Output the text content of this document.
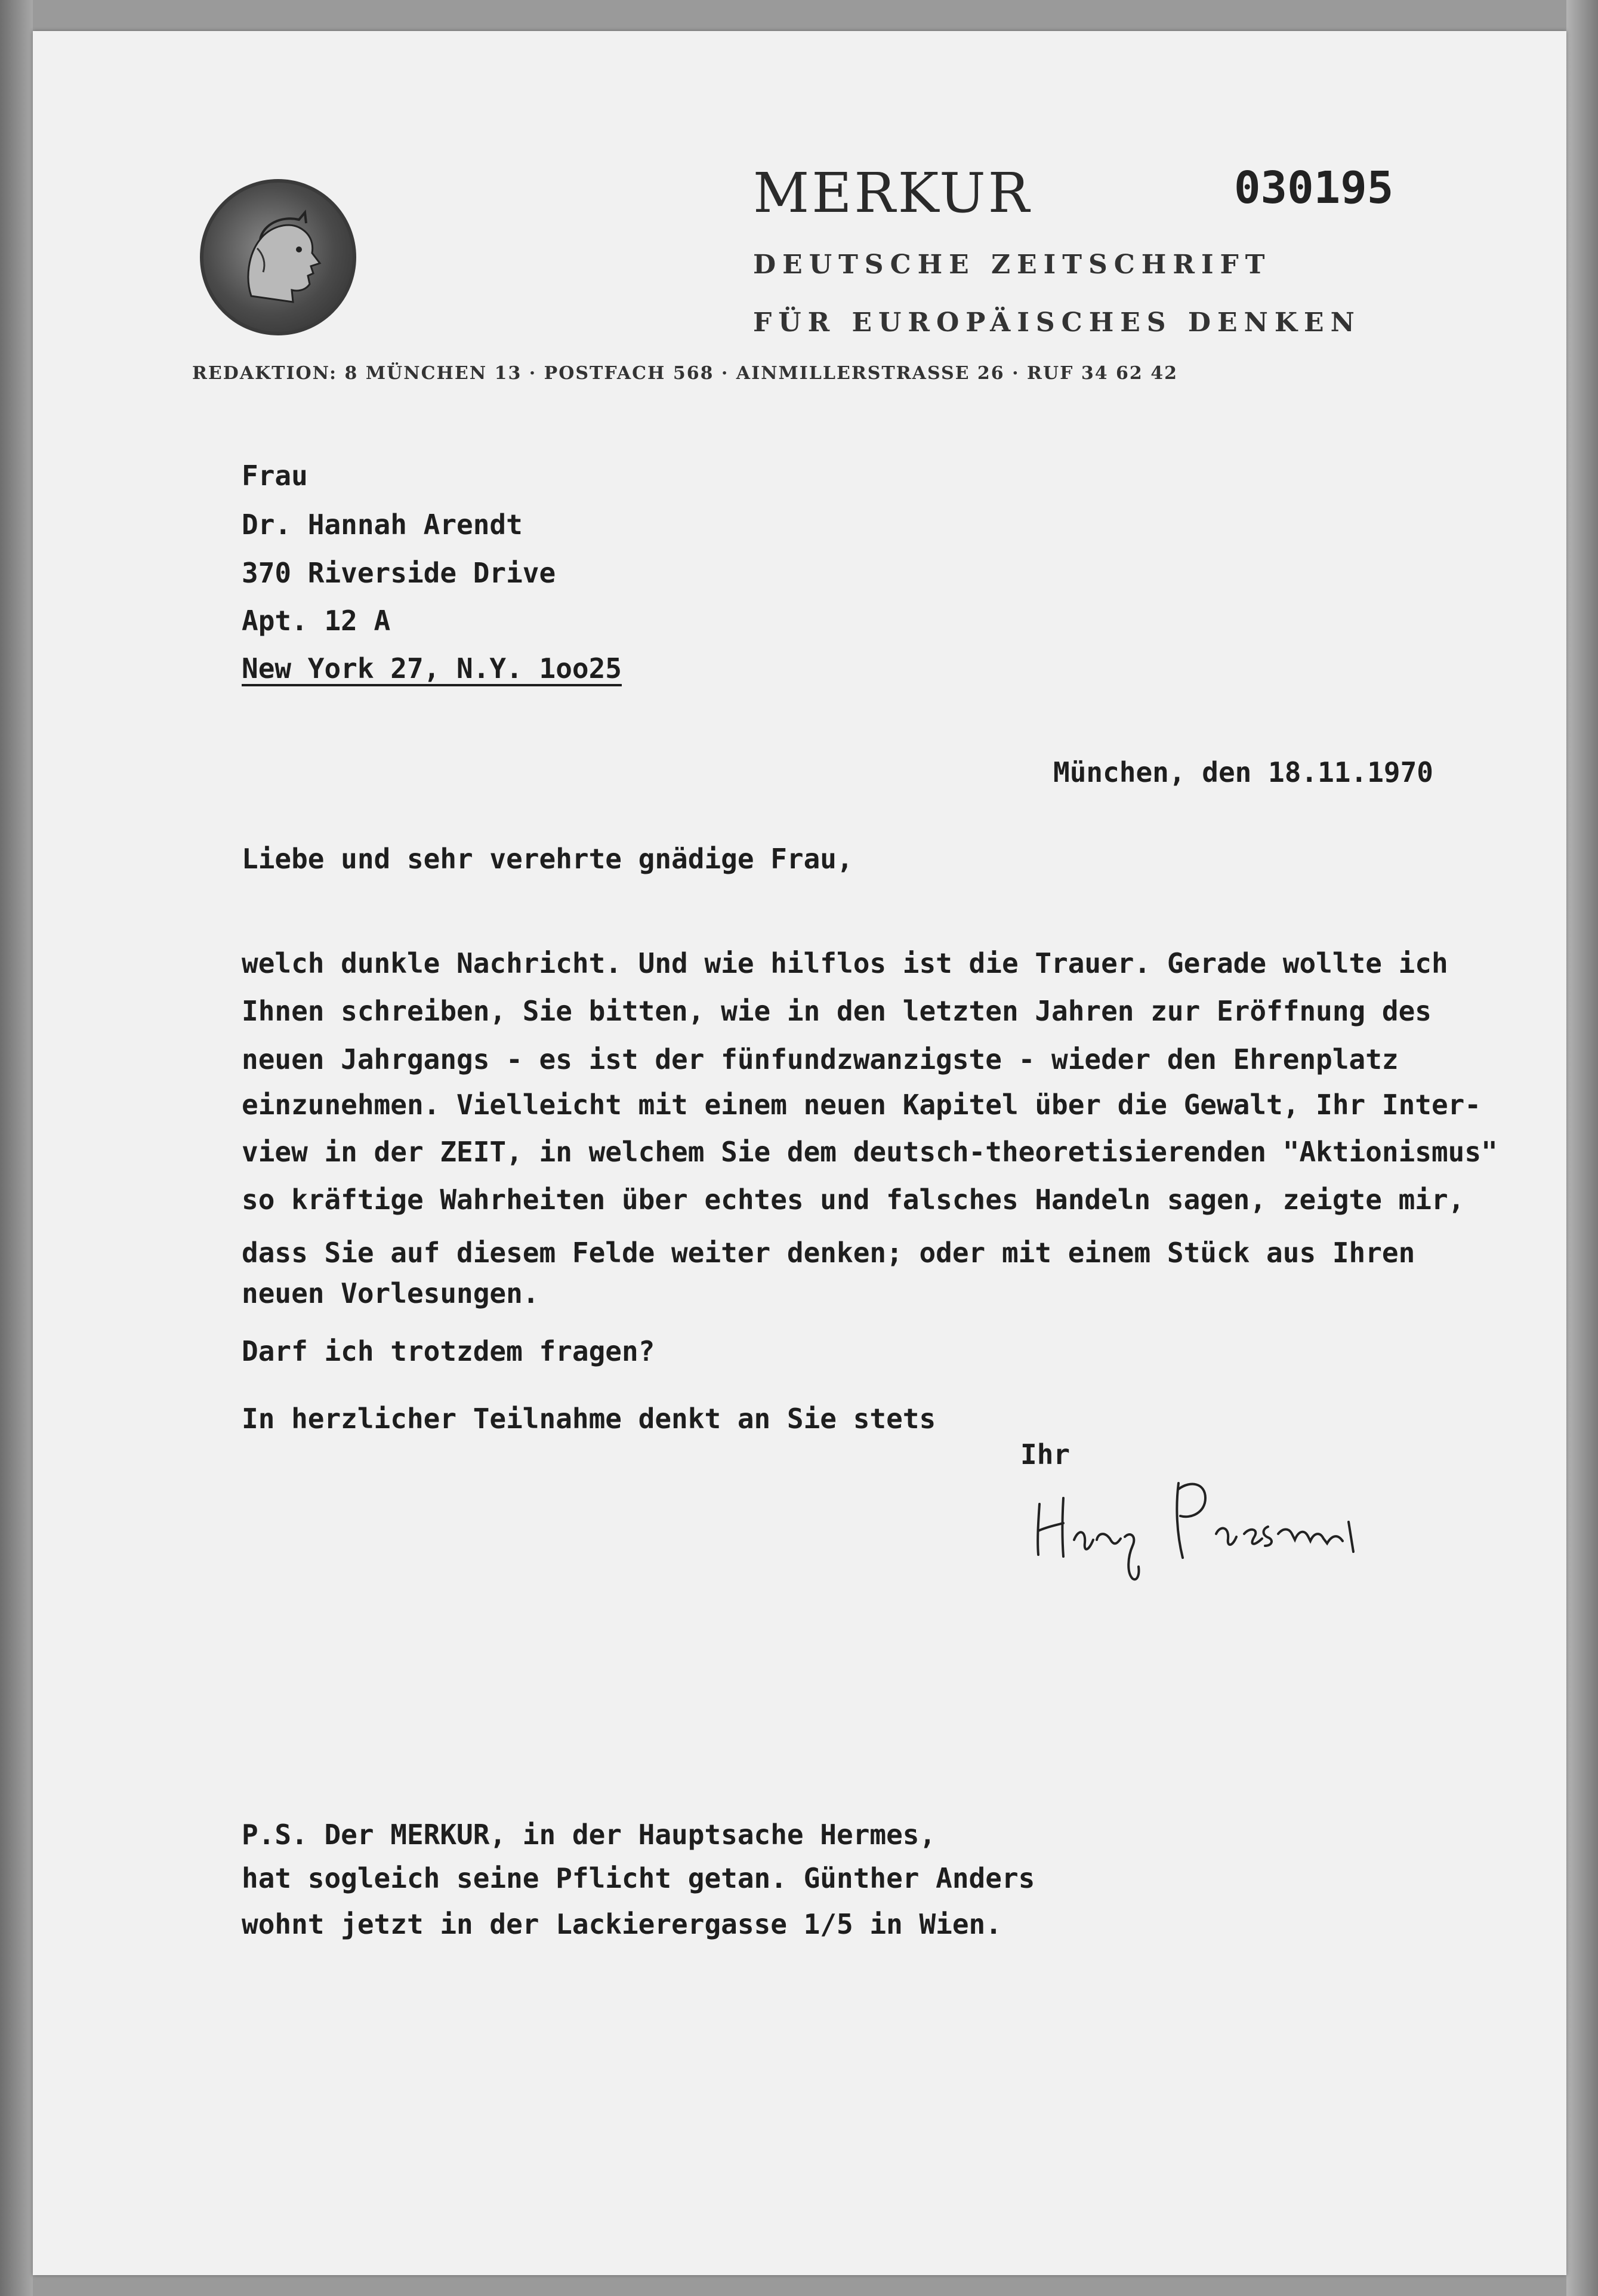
MERKUR	030195
DEUTSCHE ZEITSCHRIFT
FÜR EUROPÄISCHES DENKEN
REDAKTION: 8 MÜNCHEN 13 · POSTFACH 568 · AINMILLERSTRASSE 26 · RUF 34 62 42
Frau
Dr. Hannah Arendt
370 Riverside Drive
Apt. 12 A
New York 27, N.Y. 1oo25
München, den 18.11.1970
Liebe und sehr verehrte gnädige Frau,
welch dunkle Nachricht. Und wie hilflos ist die Trauer. Gerade wollte ich
Ihnen schreiben, Sie bitten, wie in den letzten Jahren zur Eröffnung des
neuen Jahrgangs - es ist der fünfundzwanzigste - wieder den Ehrenplatz
einzunehmen. Vielleicht mit einem neuen Kapitel über die Gewalt, Ihr Inter-
view in der ZEIT, in welchem Sie dem deutsch-theoretisierenden "Aktionismus"
so kräftige Wahrheiten über echtes und falsches Handeln sagen, zeigte mir,
dass Sie auf diesem Felde weiter denken; oder mit einem Stück aus Ihren
neuen Vorlesungen.
Darf ich trotzdem fragen?
In herzlicher Teilnahme denkt an Sie stets
Ihr
P.S. Der MERKUR, in der Hauptsache Hermes,
hat sogleich seine Pflicht getan. Günther Anders
wohnt jetzt in der Lackierergasse 1/5 in Wien.
